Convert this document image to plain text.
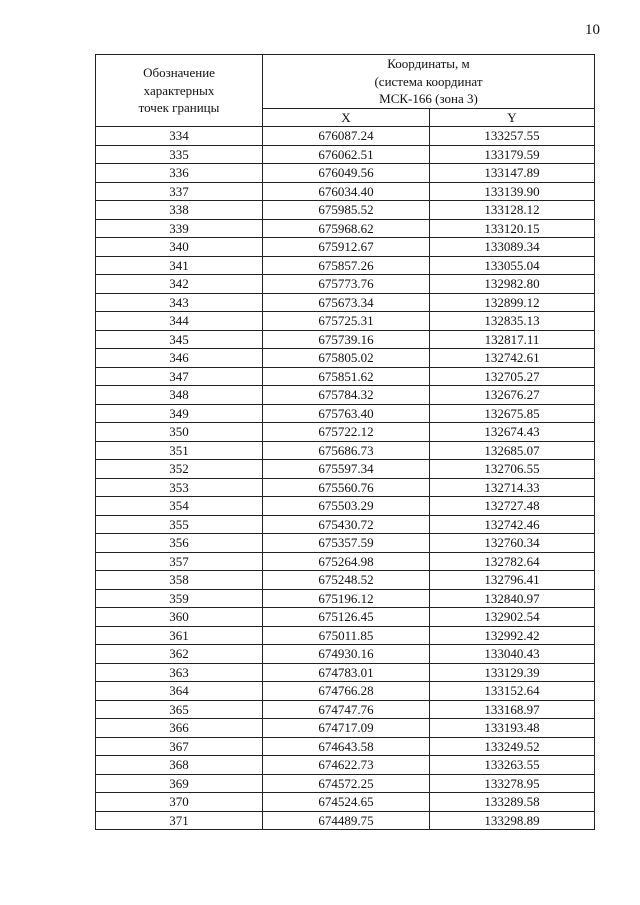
10
Обозначение
характерных
точек границы	Координаты, м
(система координат
МСК-166 (зона 3)	

	X	Y
334	676087.24	133257.55
335	676062.51	133179.59
336	676049.56	133147.89
337	676034.40	133139.90
338	675985.52	133128.12
339	675968.62	133120.15
340	675912.67	133089.34
341	675857.26	133055.04
342	675773.76	132982.80
343	675673.34	132899.12
344	675725.31	132835.13
345	675739.16	132817.11
346	675805.02	132742.61
347	675851.62	132705.27
348	675784.32	132676.27
349	675763.40	132675.85
350	675722.12	132674.43
351	675686.73	132685.07
352	675597.34	132706.55
353	675560.76	132714.33
354	675503.29	132727.48
355	675430.72	132742.46
356	675357.59	132760.34
357	675264.98	132782.64
358	675248.52	132796.41
359	675196.12	132840.97
360	675126.45	132902.54
361	675011.85	132992.42
362	674930.16	133040.43
363	674783.01	133129.39
364	674766.28	133152.64
365	674747.76	133168.97
366	674717.09	133193.48
367	674643.58	133249.52
368	674622.73	133263.55
369	674572.25	133278.95
370	674524.65	133289.58
371	674489.75	133298.89
